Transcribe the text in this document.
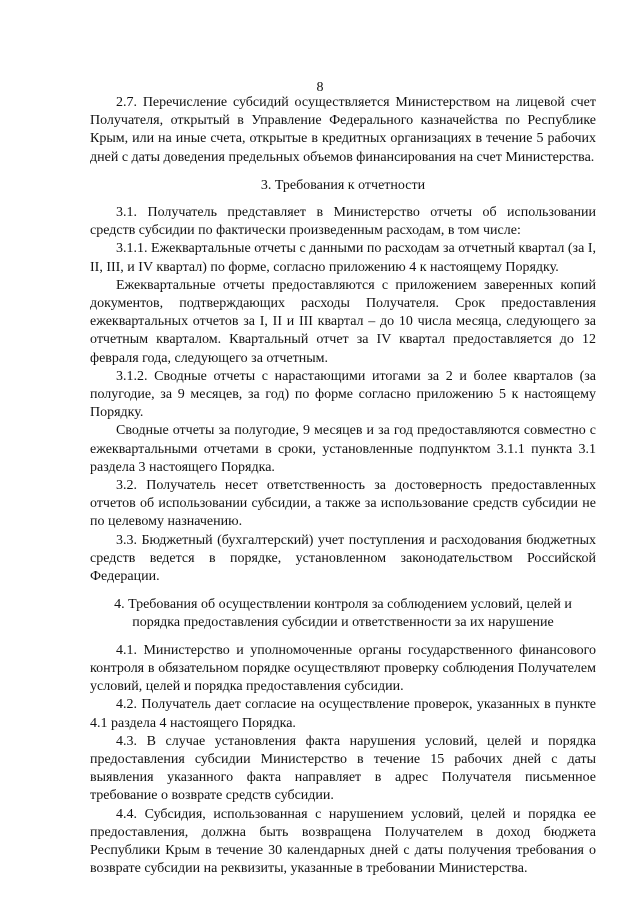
8

2.7. Перечисление субсидий осуществляется Министерством на лицевой счет Получателя, открытый в Управление Федерального казначейства по Республике Крым, или на иные счета, открытые в кредитных организациях в течение 5 рабочих дней с даты доведения предельных объемов финансирования на счет Министерства.

3. Требования к отчетности

3.1. Получатель представляет в Министерство отчеты об использовании средств субсидии по фактически произведенным расходам, в том числе:

3.1.1. Ежеквартальные отчеты с данными по расходам за отчетный квартал (за I, II, III, и IV квартал) по форме, согласно приложению 4 к настоящему Порядку.

Ежеквартальные отчеты предоставляются с приложением заверенных копий документов, подтверждающих расходы Получателя. Срок предоставления ежеквартальных отчетов за I, II и III квартал – до 10 числа месяца, следующего за отчетным кварталом. Квартальный отчет за IV квартал предоставляется до 12 февраля года, следующего за отчетным.

3.1.2. Сводные отчеты с нарастающими итогами за 2 и более кварталов (за полугодие, за 9 месяцев, за год) по форме согласно приложению 5 к настоящему Порядку.

Сводные отчеты за полугодие, 9 месяцев и за год предоставляются совместно с ежеквартальными отчетами в сроки, установленные подпунктом 3.1.1 пункта 3.1 раздела 3 настоящего Порядка.

3.2. Получатель несет ответственность за достоверность предоставленных отчетов об использовании субсидии, а также за использование средств субсидии не по целевому назначению.

3.3. Бюджетный (бухгалтерский) учет поступления и расходования бюджетных средств ведется в порядке, установленном законодательством Российской Федерации.

4. Требования об осуществлении контроля за соблюдением условий, целей и
порядка предоставления субсидии и ответственности за их нарушение

4.1. Министерство и уполномоченные органы государственного финансового контроля в обязательном порядке осуществляют проверку соблюдения Получателем условий, целей и порядка предоставления субсидии.

4.2. Получатель дает согласие на осуществление проверок, указанных в пункте 4.1 раздела 4 настоящего Порядка.

4.3. В случае установления факта нарушения условий, целей и порядка предоставления субсидии Министерство в течение 15 рабочих дней с даты выявления указанного факта направляет в адрес Получателя письменное требование о возврате средств субсидии.

4.4. Субсидия, использованная с нарушением условий, целей и порядка ее предоставления, должна быть возвращена Получателем в доход бюджета Республики Крым в течение 30 календарных дней с даты получения требования о возврате субсидии на реквизиты, указанные в требовании Министерства.
